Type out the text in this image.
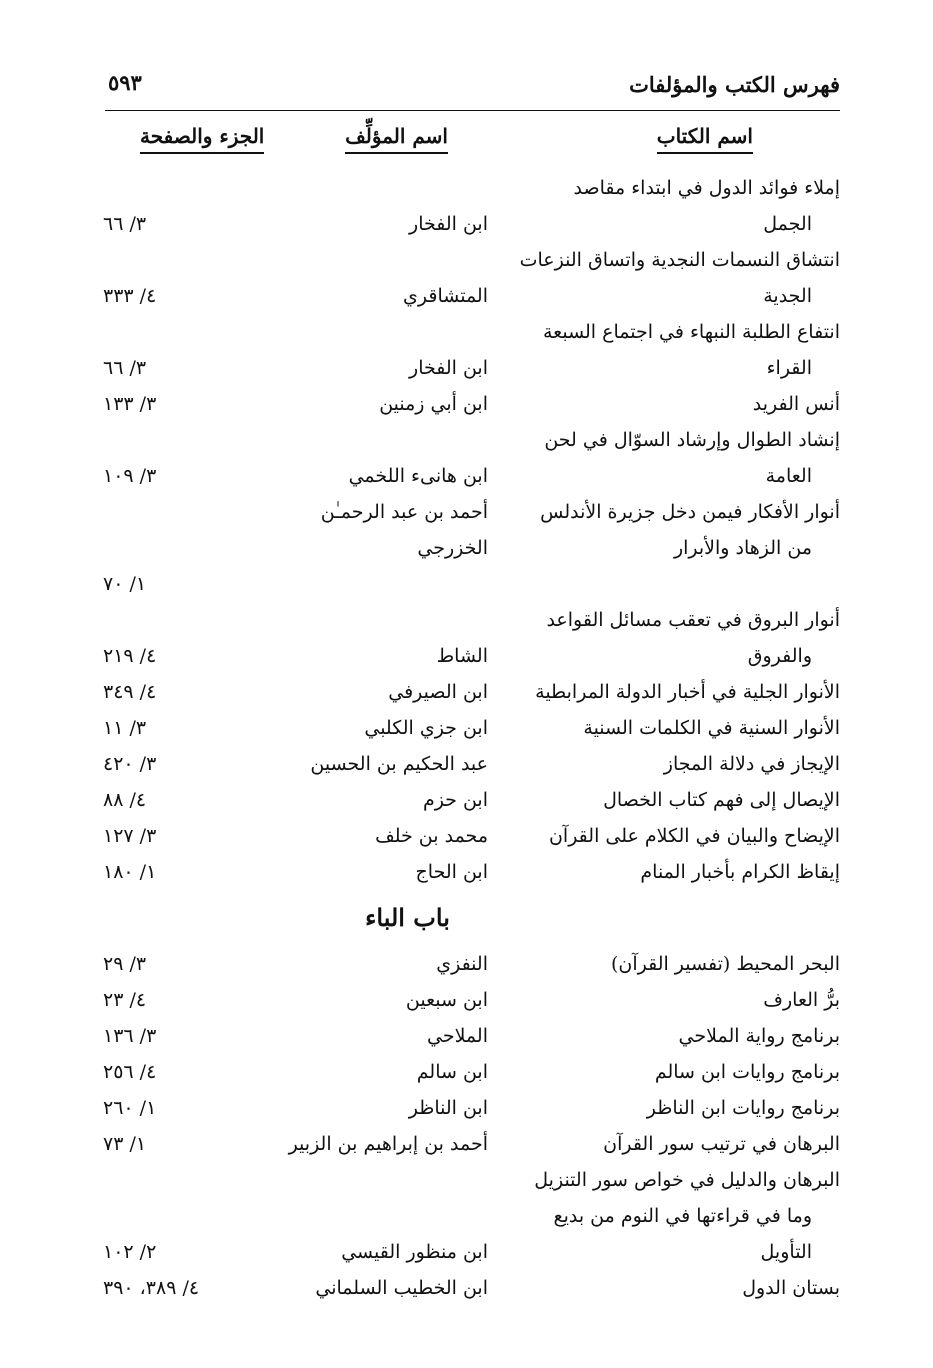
فهرس الكتب والمؤلفات
٥٩٣
اسم الكتاب
اسم المؤلِّف
الجزء والصفحة
إملاء فوائد الدول في ابتداء مقاصد
الجمل
ابن الفخار
٣/ ٦٦
انتشاق النسمات النجدية واتساق النزعات
الجدية
المتشاقري
٤/ ٣٣٣
انتفاع الطلبة النبهاء في اجتماع السبعة
القراء
ابن الفخار
٣/ ٦٦
أنس الفريد
ابن أبي زمنين
٣/ ١٣٣
إنشاد الطوال وإرشاد السوّال في لحن
العامة
ابن هانىء اللخمي
٣/ ١٠٩
أنوار الأفكار فيمن دخل جزيرة الأندلس
من الزهاد والأبرار
أحمد بن عبد الرحمـٰن
الخزرجي
١/ ٧٠
أنوار البروق في تعقب مسائل القواعد
والفروق
الشاط
٤/ ٢١٩
الأنوار الجلية في أخبار الدولة المرابطية
ابن الصيرفي
٤/ ٣٤٩
الأنوار السنية في الكلمات السنية
ابن جزي الكلبي
٣/ ١١
الإيجاز في دلالة المجاز
عبد الحكيم بن الحسين
٣/ ٤٢٠
الإيصال إلى فهم كتاب الخصال
ابن حزم
٤/ ٨٨
الإيضاح والبيان في الكلام على القرآن
محمد بن خلف
٣/ ١٢٧
إيقاظ الكرام بأخبار المنام
ابن الحاج
١/ ١٨٠
باب الباء
البحر المحيط (تفسير القرآن)
النفزي
٣/ ٢٩
برُّ العارف
ابن سبعين
٤/ ٢٣
برنامج رواية الملاحي
الملاحي
٣/ ١٣٦
برنامج روايات ابن سالم
ابن سالم
٤/ ٢٥٦
برنامج روايات ابن الناظر
ابن الناظر
١/ ٢٦٠
البرهان في ترتيب سور القرآن
أحمد بن إبراهيم بن الزبير
١/ ٧٣
البرهان والدليل في خواص سور التنزيل
وما في قراءتها في النوم من بديع
التأويل
ابن منظور القيسي
٢/ ١٠٢
بستان الدول
ابن الخطيب السلماني
٤/ ٣٨٩، ٣٩٠
